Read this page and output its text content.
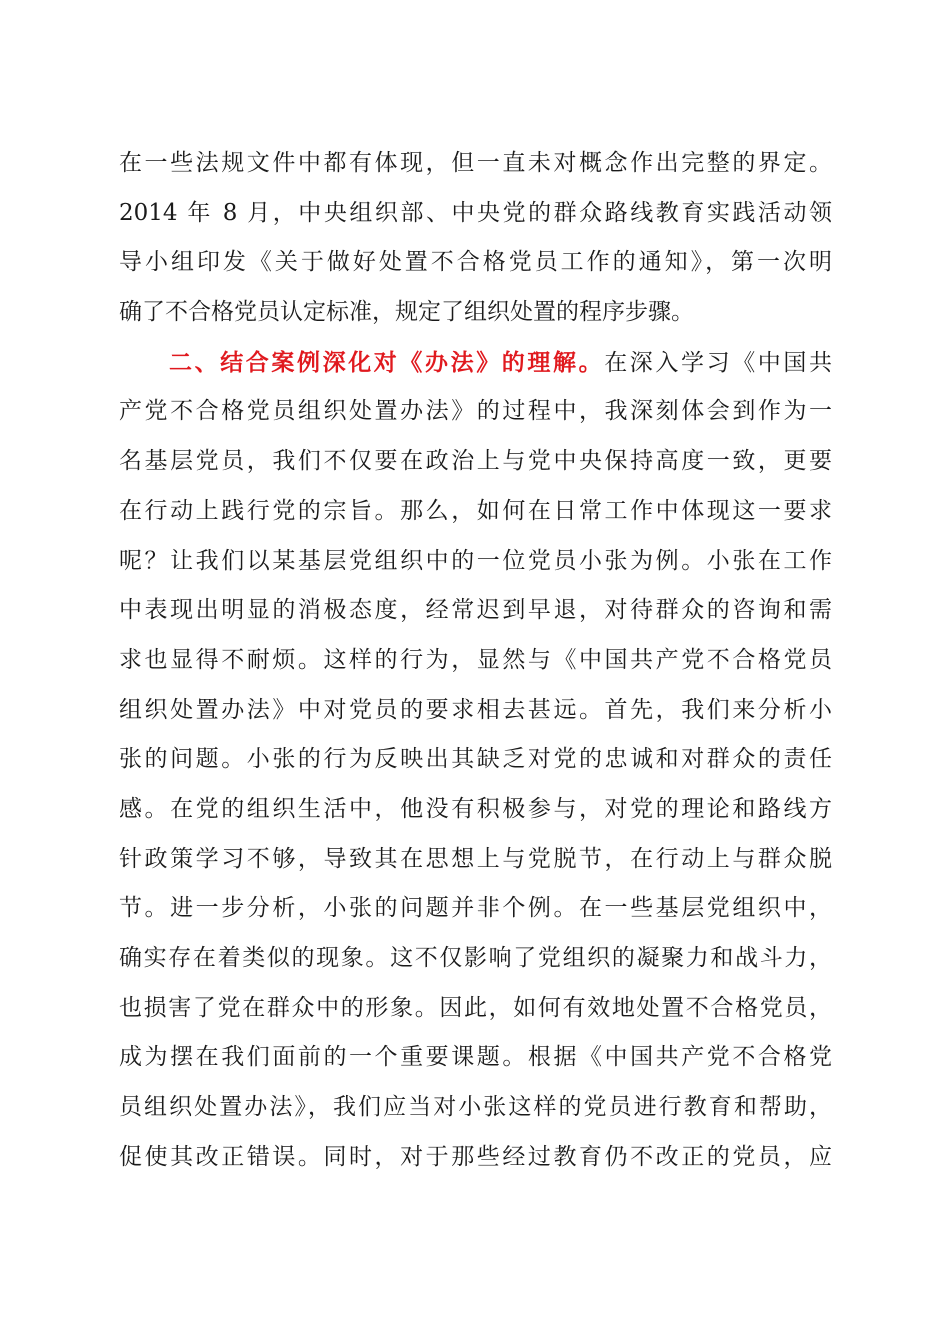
在一些法规文件中都有体现，但一直未对概念作出完整的界定。
2014 年 8 月，中央组织部、中央党的群众路线教育实践活动领
导小组印发《关于做好处置不合格党员工作的通知》，第一次明
确了不合格党员认定标准，规定了组织处置的程序步骤。
二、结合案例深化对《办法》的理解。在深入学习《中国共
产党不合格党员组织处置办法》的过程中，我深刻体会到作为一
名基层党员，我们不仅要在政治上与党中央保持高度一致，更要
在行动上践行党的宗旨。那么，如何在日常工作中体现这一要求
呢？让我们以某基层党组织中的一位党员小张为例。小张在工作
中表现出明显的消极态度，经常迟到早退，对待群众的咨询和需
求也显得不耐烦。这样的行为，显然与《中国共产党不合格党员
组织处置办法》中对党员的要求相去甚远。首先，我们来分析小
张的问题。小张的行为反映出其缺乏对党的忠诚和对群众的责任
感。在党的组织生活中，他没有积极参与，对党的理论和路线方
针政策学习不够，导致其在思想上与党脱节，在行动上与群众脱
节。进一步分析，小张的问题并非个例。在一些基层党组织中，
确实存在着类似的现象。这不仅影响了党组织的凝聚力和战斗力，
也损害了党在群众中的形象。因此，如何有效地处置不合格党员，
成为摆在我们面前的一个重要课题。根据《中国共产党不合格党
员组织处置办法》，我们应当对小张这样的党员进行教育和帮助，
促使其改正错误。同时，对于那些经过教育仍不改正的党员，应
